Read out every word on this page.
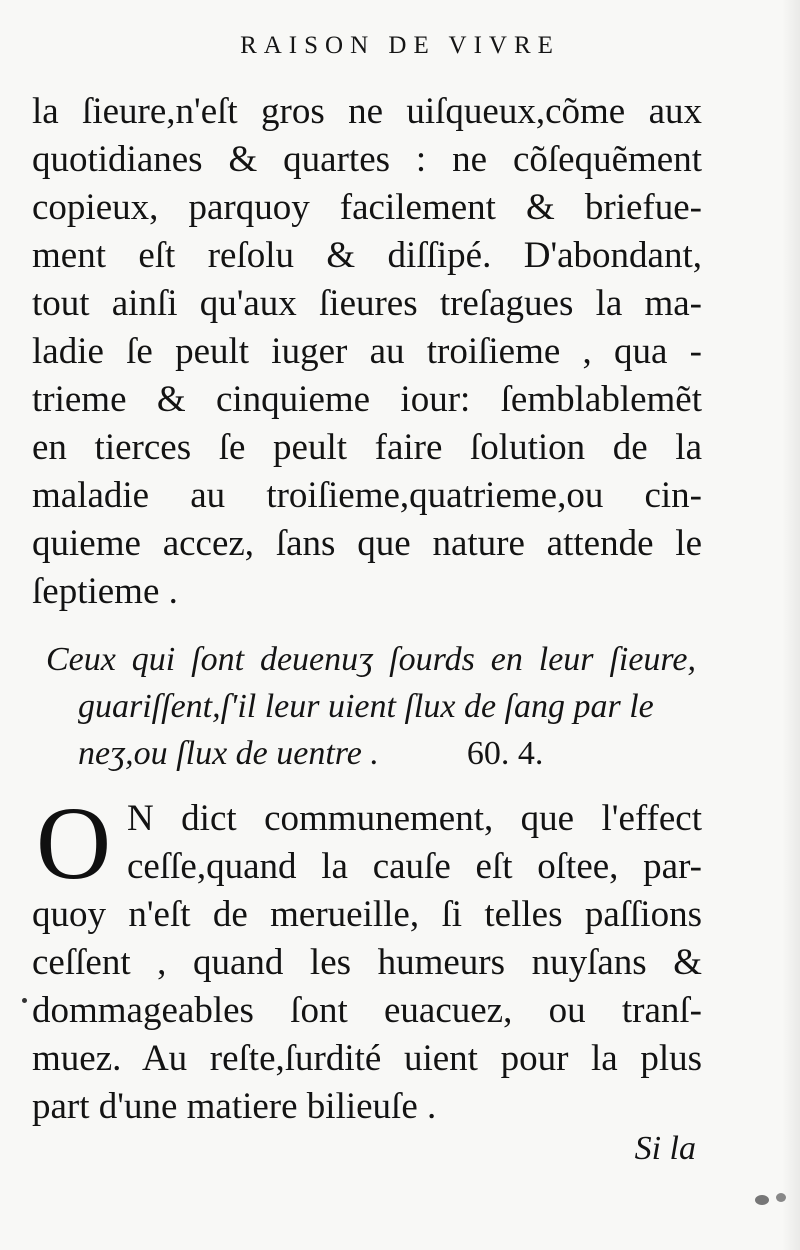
RAISON DE VIVRE
la ſieure,n'eſt gros ne uiſqueux,cõme aux
quotidianes & quartes : ne cõſequẽment
copieux, parquoy facilement & briefue-
ment eſt reſolu & diſſipé. D'abondant,
tout ainſi qu'aux ſieures treſagues la ma-
ladie ſe peult iuger au troiſieme , qua -
trieme & cinquieme iour: ſemblablemẽt
en tierces ſe peult faire ſolution de la
maladie au troiſieme,quatrieme,ou cin-
quieme accez, ſans que nature attende le
ſeptieme .
Ceux qui ſont deuenuʒ ſourds en leur ſieure,
guariſſent,ſ'il leur uient ſlux de ſang par le
neʒ,ou ſlux de uentre .	60. 4.
O N dict communement, que l'effect
ceſſe,quand la cauſe eſt oſtee, par-
quoy n'eſt de merueille, ſi telles paſſions
ceſſent , quand les humeurs nuyſans &
dommageables ſont euacuez, ou tranſ-
muez. Au reſte,ſurdité uient pour la plus
part d'une matiere bilieuſe .
Si la
